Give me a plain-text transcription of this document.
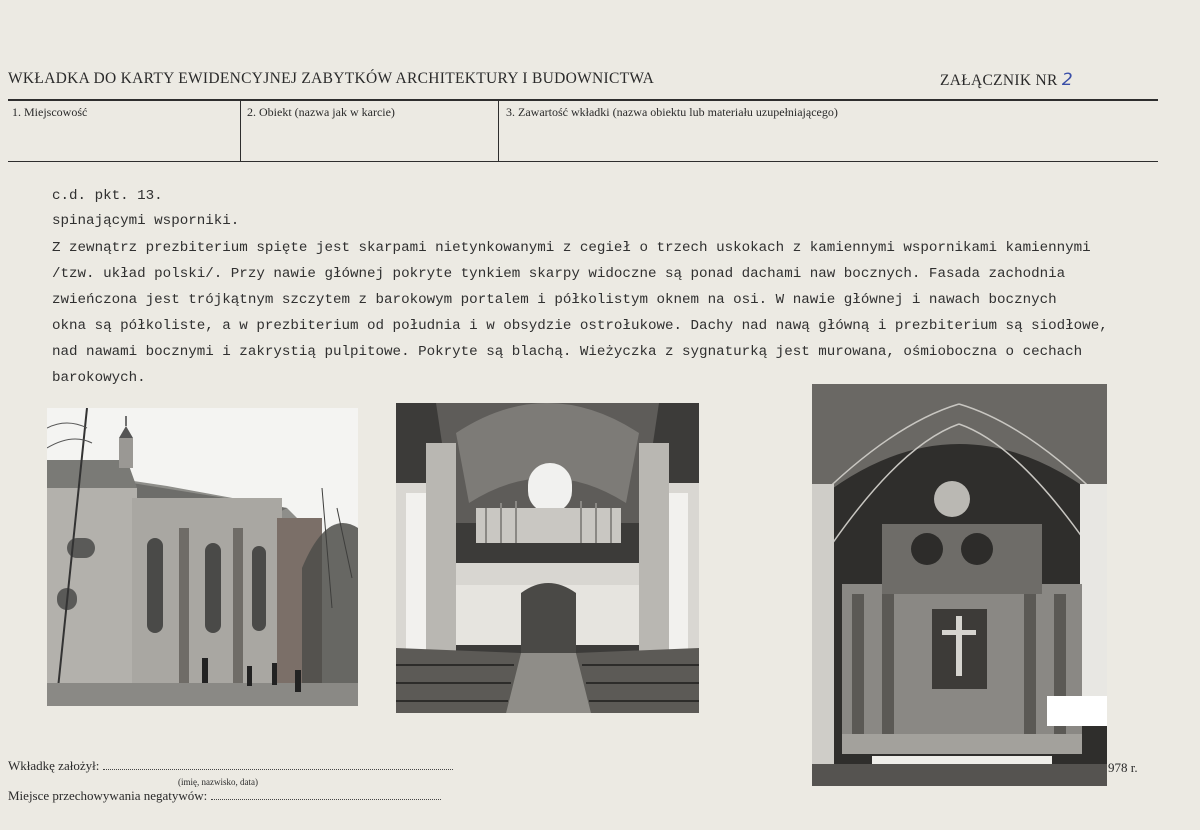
WKŁADKA DO KARTY EWIDENCYJNEJ ZABYTKÓW ARCHITEKTURY I BUDOWNICTWA	ZAŁĄCZNIK NR 2
1. Miejscowość	2. Obiekt (nazwa jak w karcie)	3. Zawartość wkładki (nazwa obiektu lub materiału uzupełniającego)
c.d. pkt. 13.
spinającymi wsporniki.
Z zewnątrz prezbiterium spięte jest skarpami nietynkowanymi z cegieł o trzech uskokach z kamiennymi wspornikami kamiennymi
/tzw. układ polski/. Przy nawie głównej pokryte tynkiem skarpy widoczne są ponad dachami naw bocznych. Fasada zachodnia
zwieńczona jest trójkątnym szczytem z barokowym portalem i półkolistym oknem na osi. W nawie głównej i nawach bocznych
okna są półkoliste, a w prezbiterium od południa i w obsydzie ostrołukowe. Dachy nad nawą główną i prezbiterium są siodłowe,
nad nawami bocznymi i zakrystią pulpitowe. Pokryte są blachą. Wieżyczka z sygnaturką jest murowana, ośmioboczna o cechach
barokowych.
Wkładkę założył:
(imię, nazwisko, data)
Miejsce przechowywania negatywów:
978 r.
